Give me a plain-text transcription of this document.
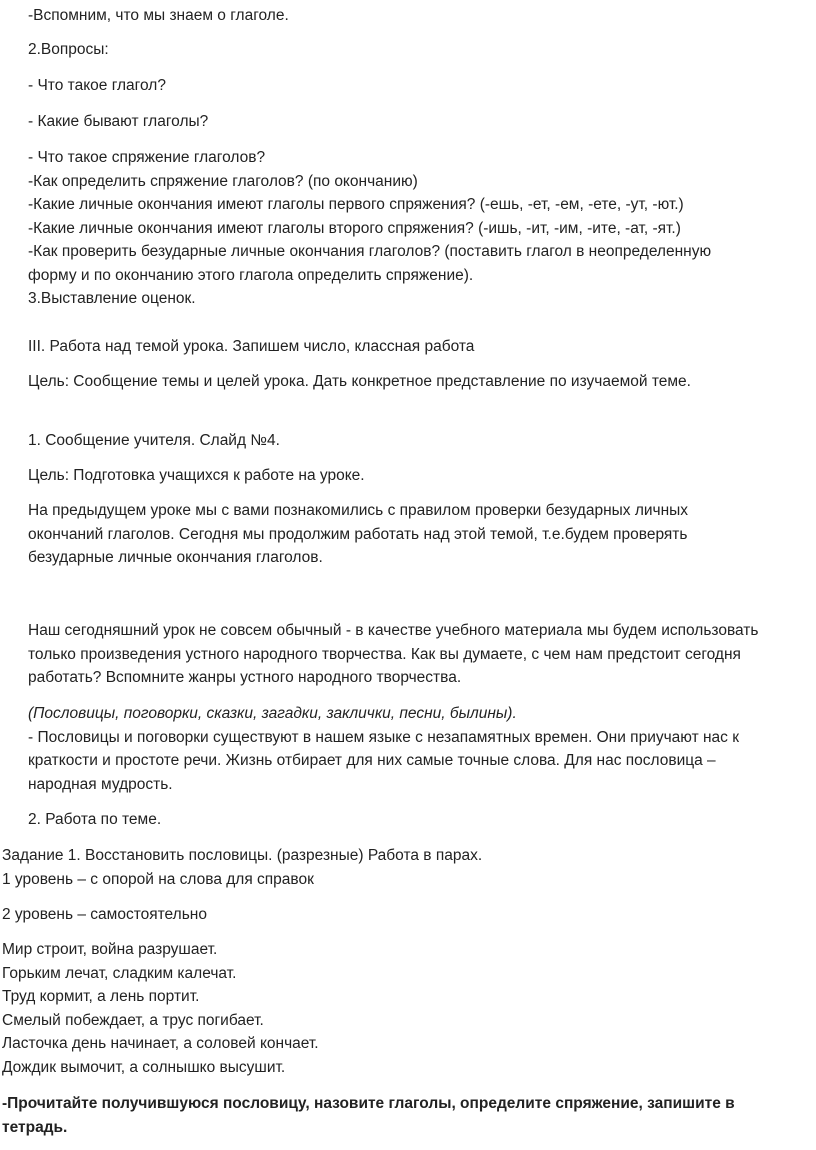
-Вспомним, что мы знаем о глаголе.

2.Вопросы:

- Что такое глагол?

- Какие бывают глаголы?

- Что такое спряжение глаголов?
-Как определить спряжение глаголов? (по окончанию)
-Какие личные окончания имеют глаголы первого спряжения? (-ешь, -ет, -ем, -ете, -ут, -ют.)
-Какие личные окончания имеют глаголы второго спряжения? (-ишь, -ит, -им, -ите, -ат, -ят.)
-Как проверить безударные личные окончания глаголов? (поставить глагол в неопределенную
форму и по окончанию этого глагола определить спряжение).
3.Выставление оценок.

III. Работа над темой урока. Запишем число, классная работа

Цель: Сообщение темы и целей урока. Дать конкретное представление по изучаемой теме.

1. Сообщение учителя. Слайд №4.

Цель: Подготовка учащихся к работе на уроке.

На предыдущем уроке мы с вами познакомились с правилом проверки безударных личных
окончаний глаголов. Сегодня мы продолжим работать над этой темой, т.е.будем проверять
безударные личные окончания глаголов.
Наш сегодняшний урок не совсем обычный - в качестве учебного материала мы будем использовать
только произведения устного народного творчества. Как вы думаете, с чем нам предстоит сегодня
работать? Вспомните жанры устного народного творчества.
(Пословицы, поговорки, сказки, загадки, заклички, песни, былины).
- Пословицы и поговорки существуют в нашем языке с незапамятных времен. Они приучают нас к
краткости и простоте речи. Жизнь отбирает для них самые точные слова. Для нас пословица –
народная мудрость.

2. Работа по теме.

Задание 1. Восстановить пословицы. (разрезные) Работа в парах.
1 уровень – с опорой на слова для справок

2 уровень – самостоятельно

Мир строит, война разрушает.
Горьким лечат, сладким калечат.
Труд кормит, а лень портит.
Смелый побеждает, а трус погибает.
Ласточка день начинает, а соловей кончает.
Дождик вымочит, а солнышко высушит.
-Прочитайте получившуюся пословицу, назовите глаголы, определите спряжение, запишите в
тетрадь.
